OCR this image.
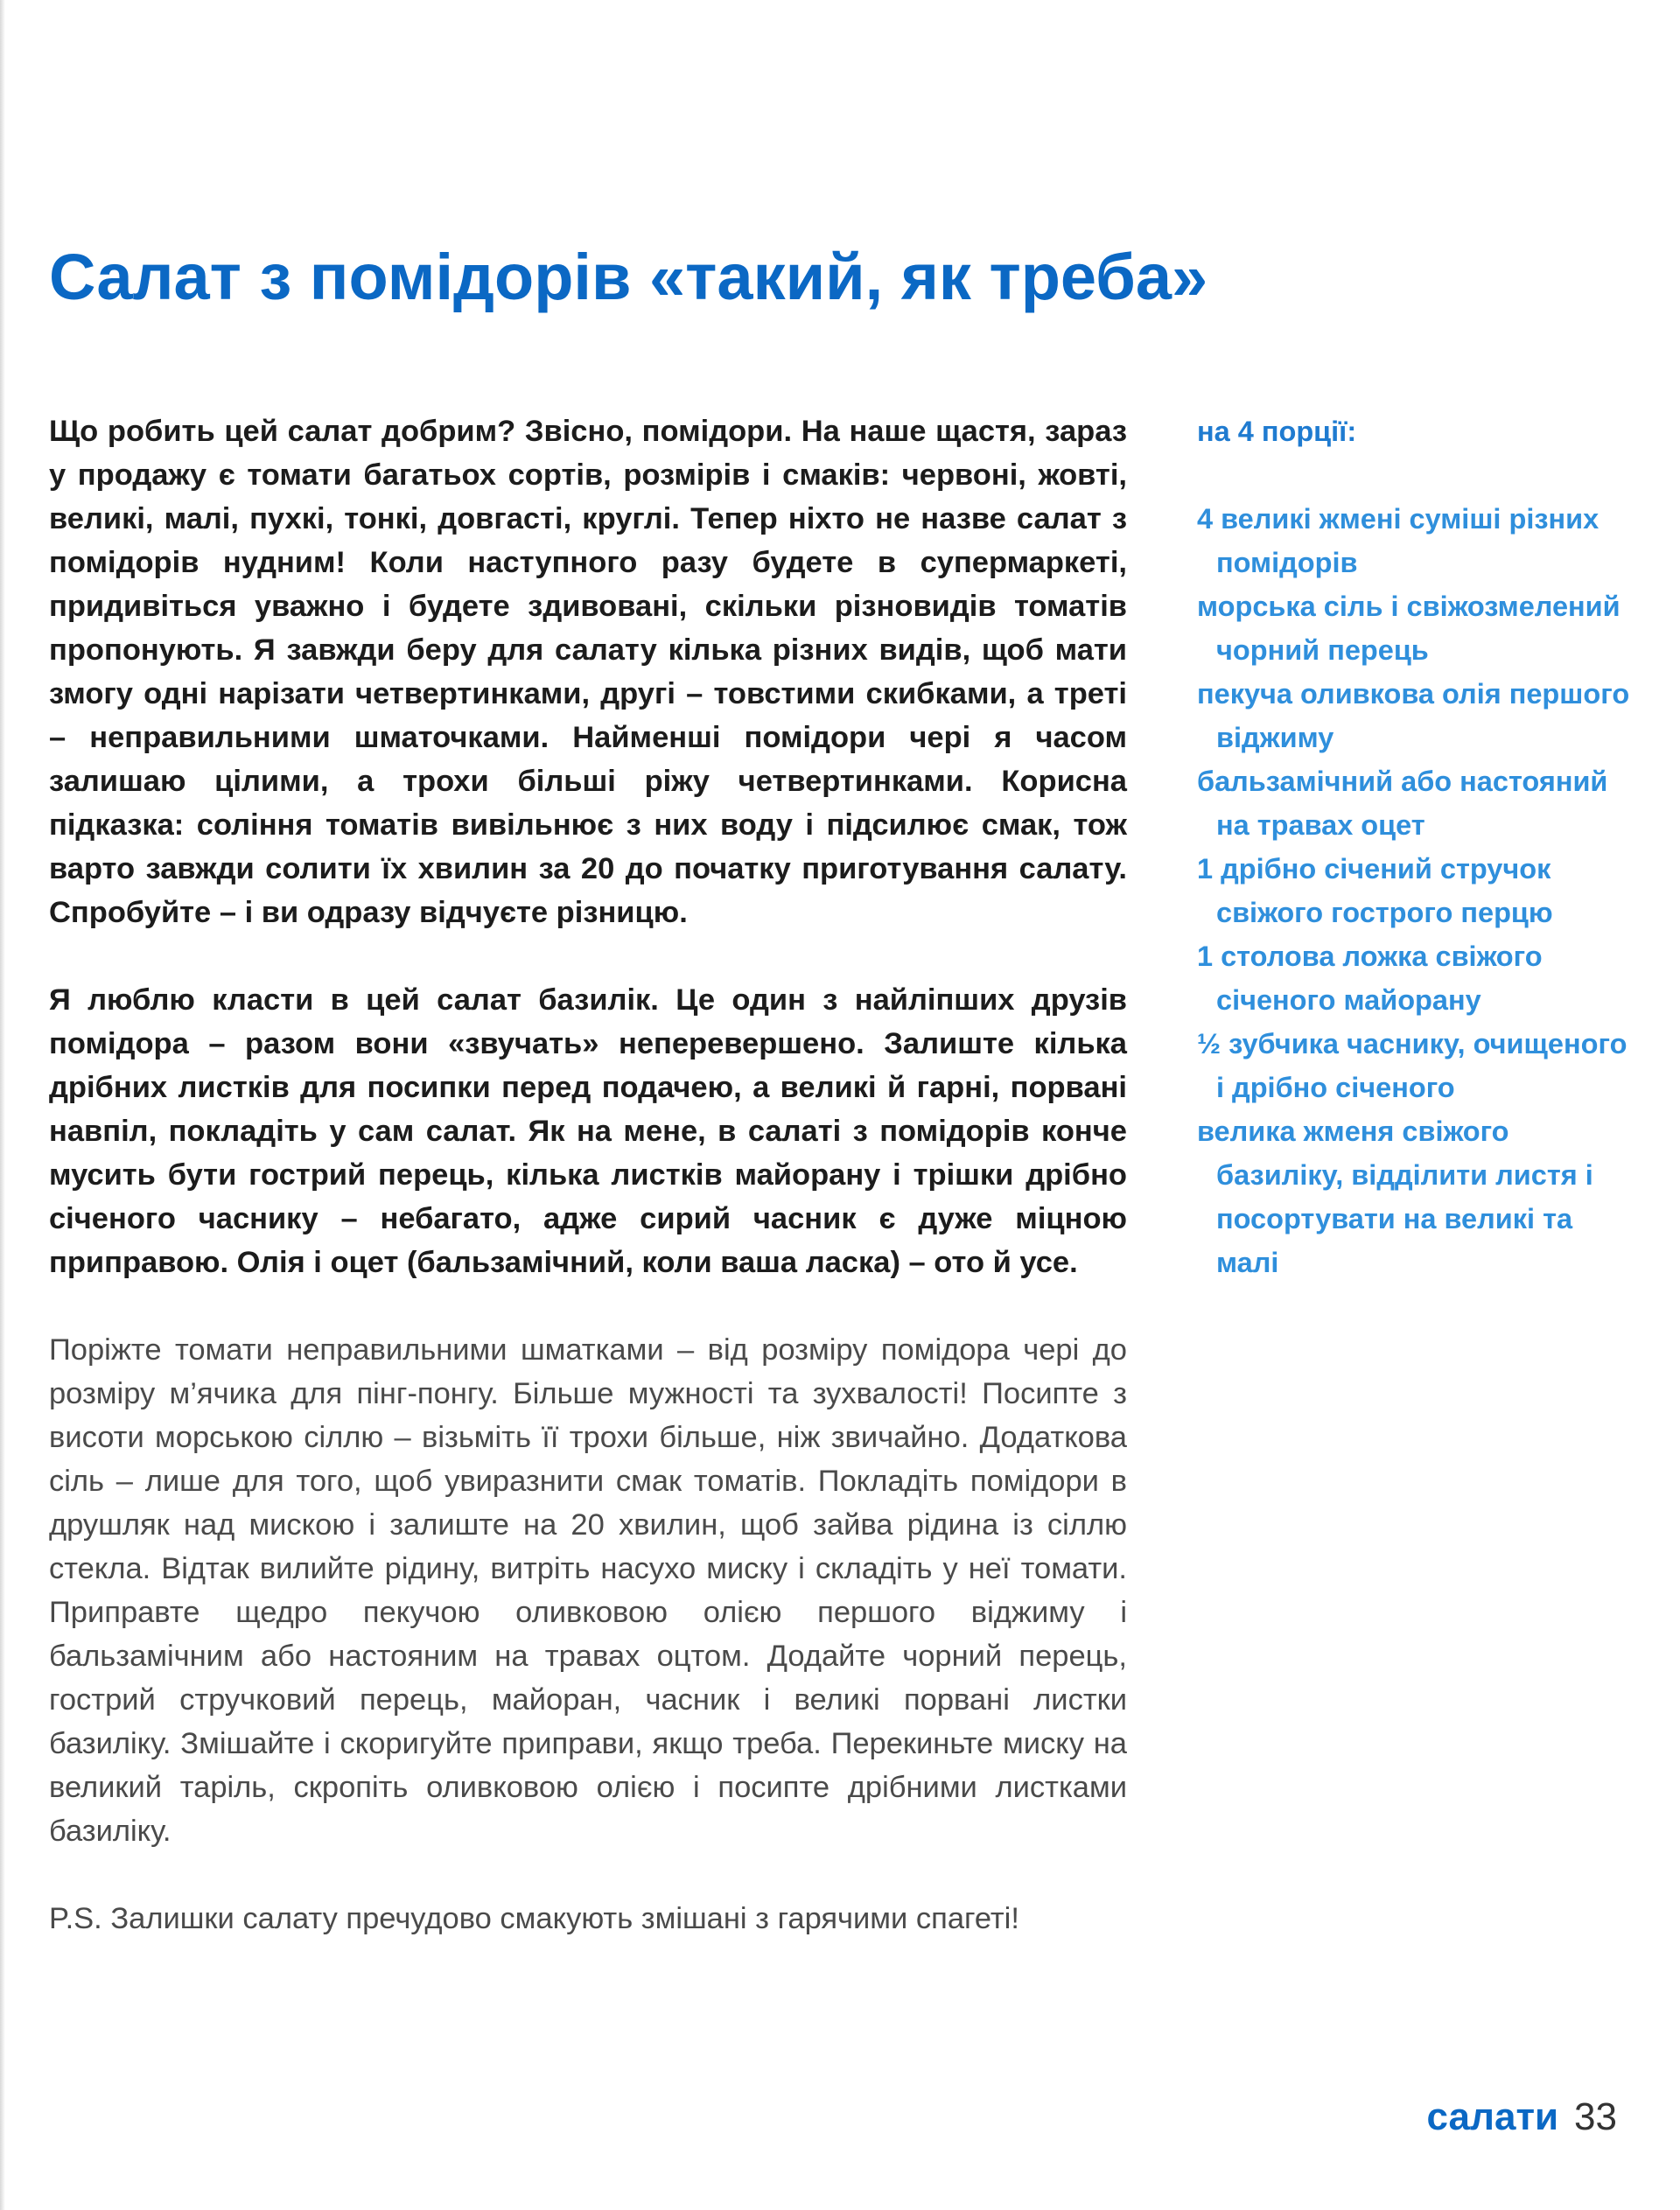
Салат з помідорів «такий, як треба»

Що робить цей салат добрим? Звісно, помідори. На наше щастя, зараз у продажу є томати багатьох сортів, розмірів і смаків: червоні, жовті, великі, малі, пухкі, тонкі, довгасті, круглі. Тепер ніхто не назве салат з помідорів нудним! Коли наступного разу будете в супермаркеті, придивіться уважно і будете здивовані, скільки різновидів томатів пропонують. Я завжди беру для салату кілька різних видів, щоб мати змогу одні нарізати четвертинками, другі – товстими скибками, а треті – неправильними шматочками. Найменші помідори чері я часом залишаю цілими, а трохи більші ріжу четвертинками. Корисна підказка: соління томатів вивільнює з них воду і підсилює смак, тож варто завжди солити їх хвилин за 20 до початку приготування салату. Спробуйте – і ви одразу відчуєте різницю.

Я люблю класти в цей салат базилік. Це один з найліпших друзів помідора – разом вони «звучать» неперевершено. Залиште кілька дрібних листків для посипки перед подачею, а великі й гарні, порвані навпіл, покладіть у сам салат. Як на мене, в салаті з помідорів конче мусить бути гострий перець, кілька листків майорану і трішки дрібно січеного часнику – небагато, адже сирий часник є дуже міцною приправою. Олія і оцет (бальзамічний, коли ваша ласка) – ото й усе.

Поріжте томати неправильними шматками – від розміру помідора чері до розміру м’ячика для пінг-понгу. Більше мужності та зухвалості! Посипте з висоти морською сіллю – візьміть її трохи більше, ніж звичайно. Додаткова сіль – лише для того, щоб увиразнити смак томатів. Покладіть помідори в друшляк над мискою і залиште на 20 хвилин, щоб зайва рідина із сіллю стекла. Відтак вилийте рідину, витріть насухо миску і складіть у неї томати. Приправте щедро пекучою оливковою олією першого віджиму і бальзамічним або настояним на травах оцтом. Додайте чорний перець, гострий стручковий перець, майоран, часник і великі порвані листки базиліку. Змішайте і скоригуйте приправи, якщо треба. Перекиньте миску на великий таріль, скропіть оливковою олією і посипте дрібними листками базиліку.

P.S. Залишки салату пречудово смакують змішані з гарячими спагеті!

на 4 порції:

4 великі жмені суміші різних помідорів
морська сіль і свіжозмелений чорний перець
пекуча оливкова олія першого віджиму
бальзамічний або настояний на травах оцет
1 дрібно січений стручок свіжого гострого перцю
1 столова ложка свіжого січеного майорану
½ зубчика часнику, очищеного і дрібно січеного
велика жменя свіжого базиліку, відділити листя і посортувати на великі та малі
салати 33
